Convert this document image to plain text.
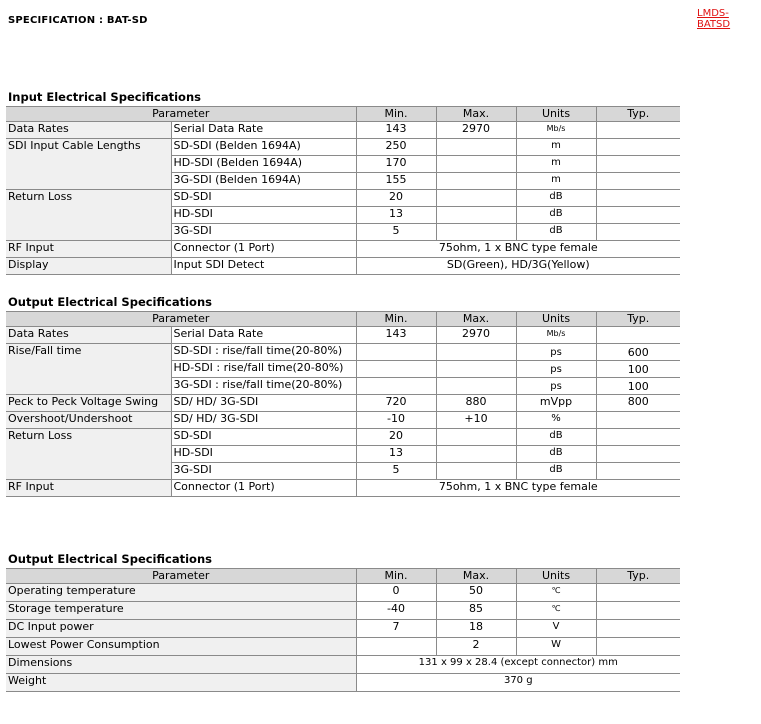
SPECIFICATION : BAT-SD
LMDS-BATSD
Input Electrical Specifications
Parameter		Min.	Max.	Units	Typ.
Data Rates	Serial Data Rate	143	2970	Mb/s	
SDI Input Cable Lengths	SD-SDI (Belden 1694A)	250		m	
	HD-SDI (Belden 1694A)	170		m	
	3G-SDI (Belden 1694A)	155		m	
Return Loss	SD-SDI	20		dB	
	HD-SDI	13		dB	
	3G-SDI	5		dB	
RF Input	Connector (1 Port)	75ohm, 1 x BNC type female			
Display	Input SDI Detect	SD(Green), HD/3G(Yellow)			
Output Electrical Specifications
Parameter		Min.	Max.	Units	Typ.
Data Rates	Serial Data Rate	143	2970	Mb/s	
Rise/Fall time	SD-SDI : rise/fall time(20-80%)			ps	600
	HD-SDI : rise/fall time(20-80%)			ps	100
	3G-SDI : rise/fall time(20-80%)			ps	100
Peck to Peck Voltage Swing	SD/ HD/ 3G-SDI	720	880	mVpp	800
Overshoot/Undershoot	SD/ HD/ 3G-SDI	-10	+10	%	
Return Loss	SD-SDI	20		dB	
	HD-SDI	13		dB	
	3G-SDI	5		dB	
RF Input	Connector (1 Port)	75ohm, 1 x BNC type female			
Output Electrical Specifications
Parameter	Min.	Max.	Units	Typ.
Operating temperature	0	50	℃	
Storage temperature	-40	85	℃	
DC Input power	7	18	V	
Lowest Power Consumption		2	W	
Dimensions	131 x 99 x 28.4 (except connector) mm			
Weight	370 g			
